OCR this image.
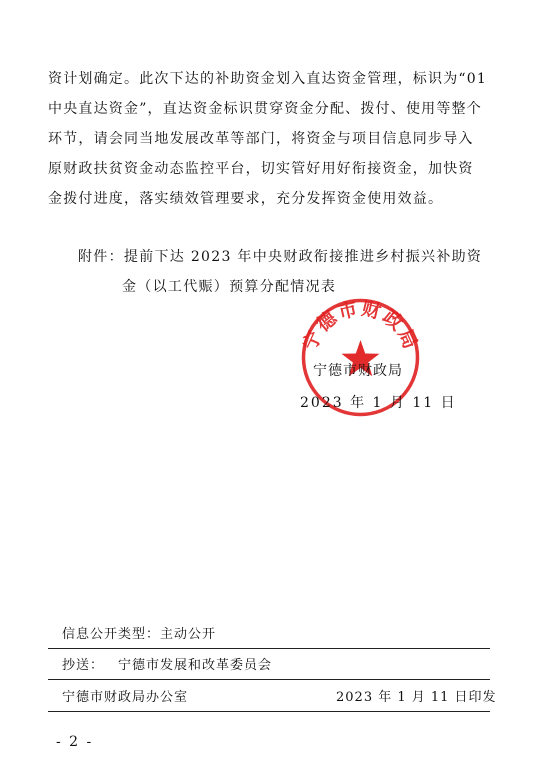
资计划确定。此次下达的补助资金划入直达资金管理，标识为“01
中央直达资金”，直达资金标识贯穿资金分配、拨付、使用等整个
环节，请会同当地发展改革等部门，将资金与项目信息同步导入
原财政扶贫资金动态监控平台，切实管好用好衔接资金，加快资
金拨付进度，落实绩效管理要求，充分发挥资金使用效益。
附件：提前下达 2023 年中央财政衔接推进乡村振兴补助资
金（以工代赈）预算分配情况表
宁德市财政局
宁德市财政局
2023 年 1 月 11 日
信息公开类型：主动公开
抄送： 宁德市发展和改革委员会
宁德市财政局办公室	2023 年 1 月 11 日印发
- 2 -
